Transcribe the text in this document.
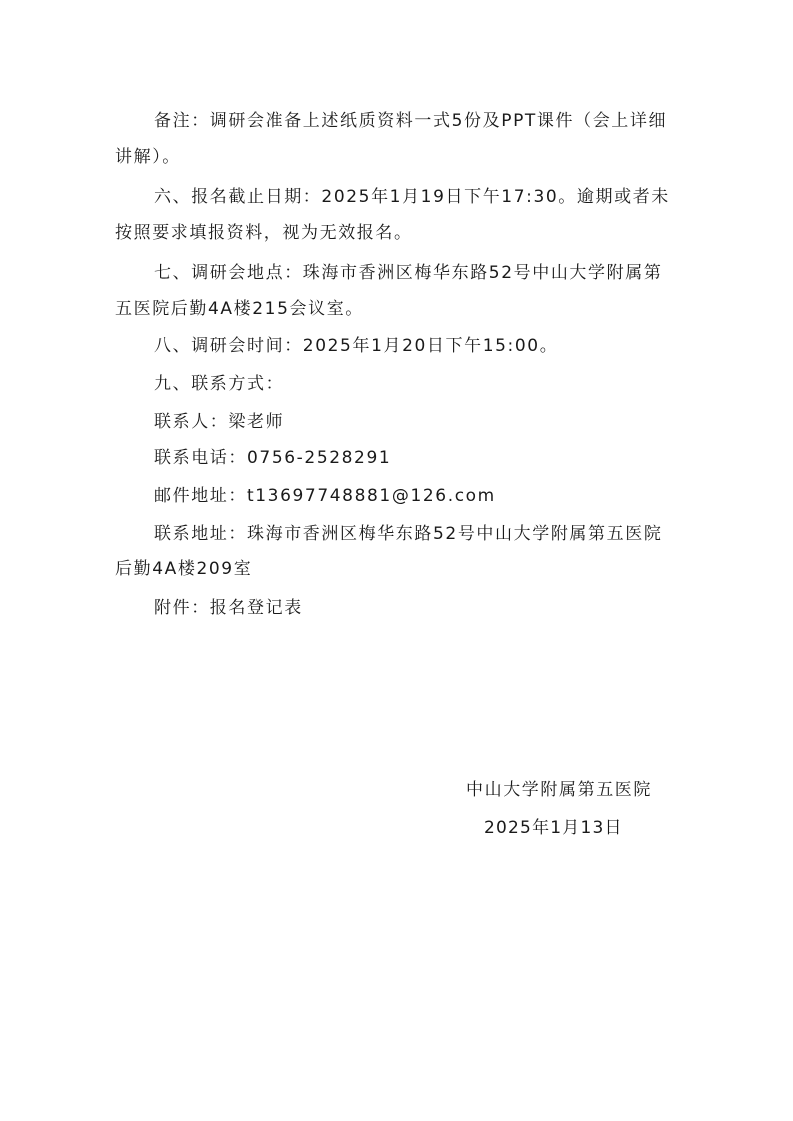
备注：调研会准备上述纸质资料一式5份及PPT课件（会上详细
讲解）。
六、报名截止日期：2025年1月19日下午17:30。逾期或者未
按照要求填报资料，视为无效报名。
七、调研会地点：珠海市香洲区梅华东路52号中山大学附属第
五医院后勤4A楼215会议室。
八、调研会时间：2025年1月20日下午15:00。
九、联系方式：
联系人：梁老师
联系电话：0756-2528291
邮件地址：t13697748881@126.com
联系地址：珠海市香洲区梅华东路52号中山大学附属第五医院
后勤4A楼209室
附件：报名登记表
中山大学附属第五医院
2025年1月13日
